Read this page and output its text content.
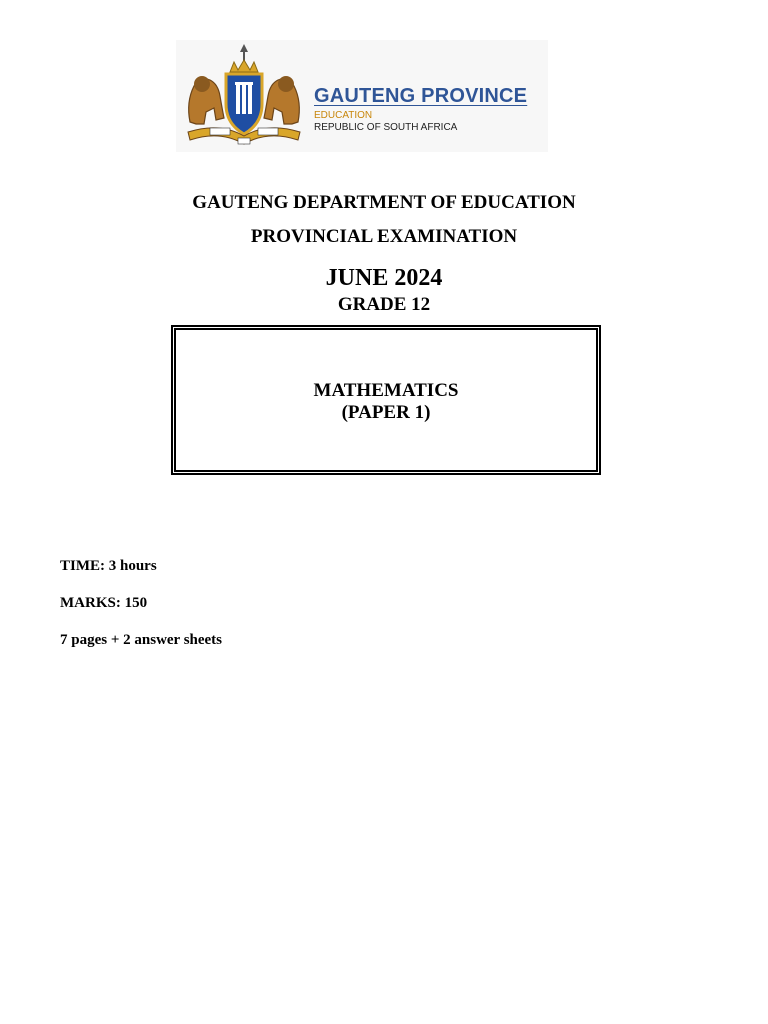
GAUTENG PROVINCE
EDUCATION
REPUBLIC OF SOUTH AFRICA
GAUTENG DEPARTMENT OF EDUCATION
PROVINCIAL EXAMINATION
JUNE 2024
GRADE 12
MATHEMATICS
(PAPER 1)
TIME: 3 hours
MARKS: 150
7 pages + 2 answer sheets
